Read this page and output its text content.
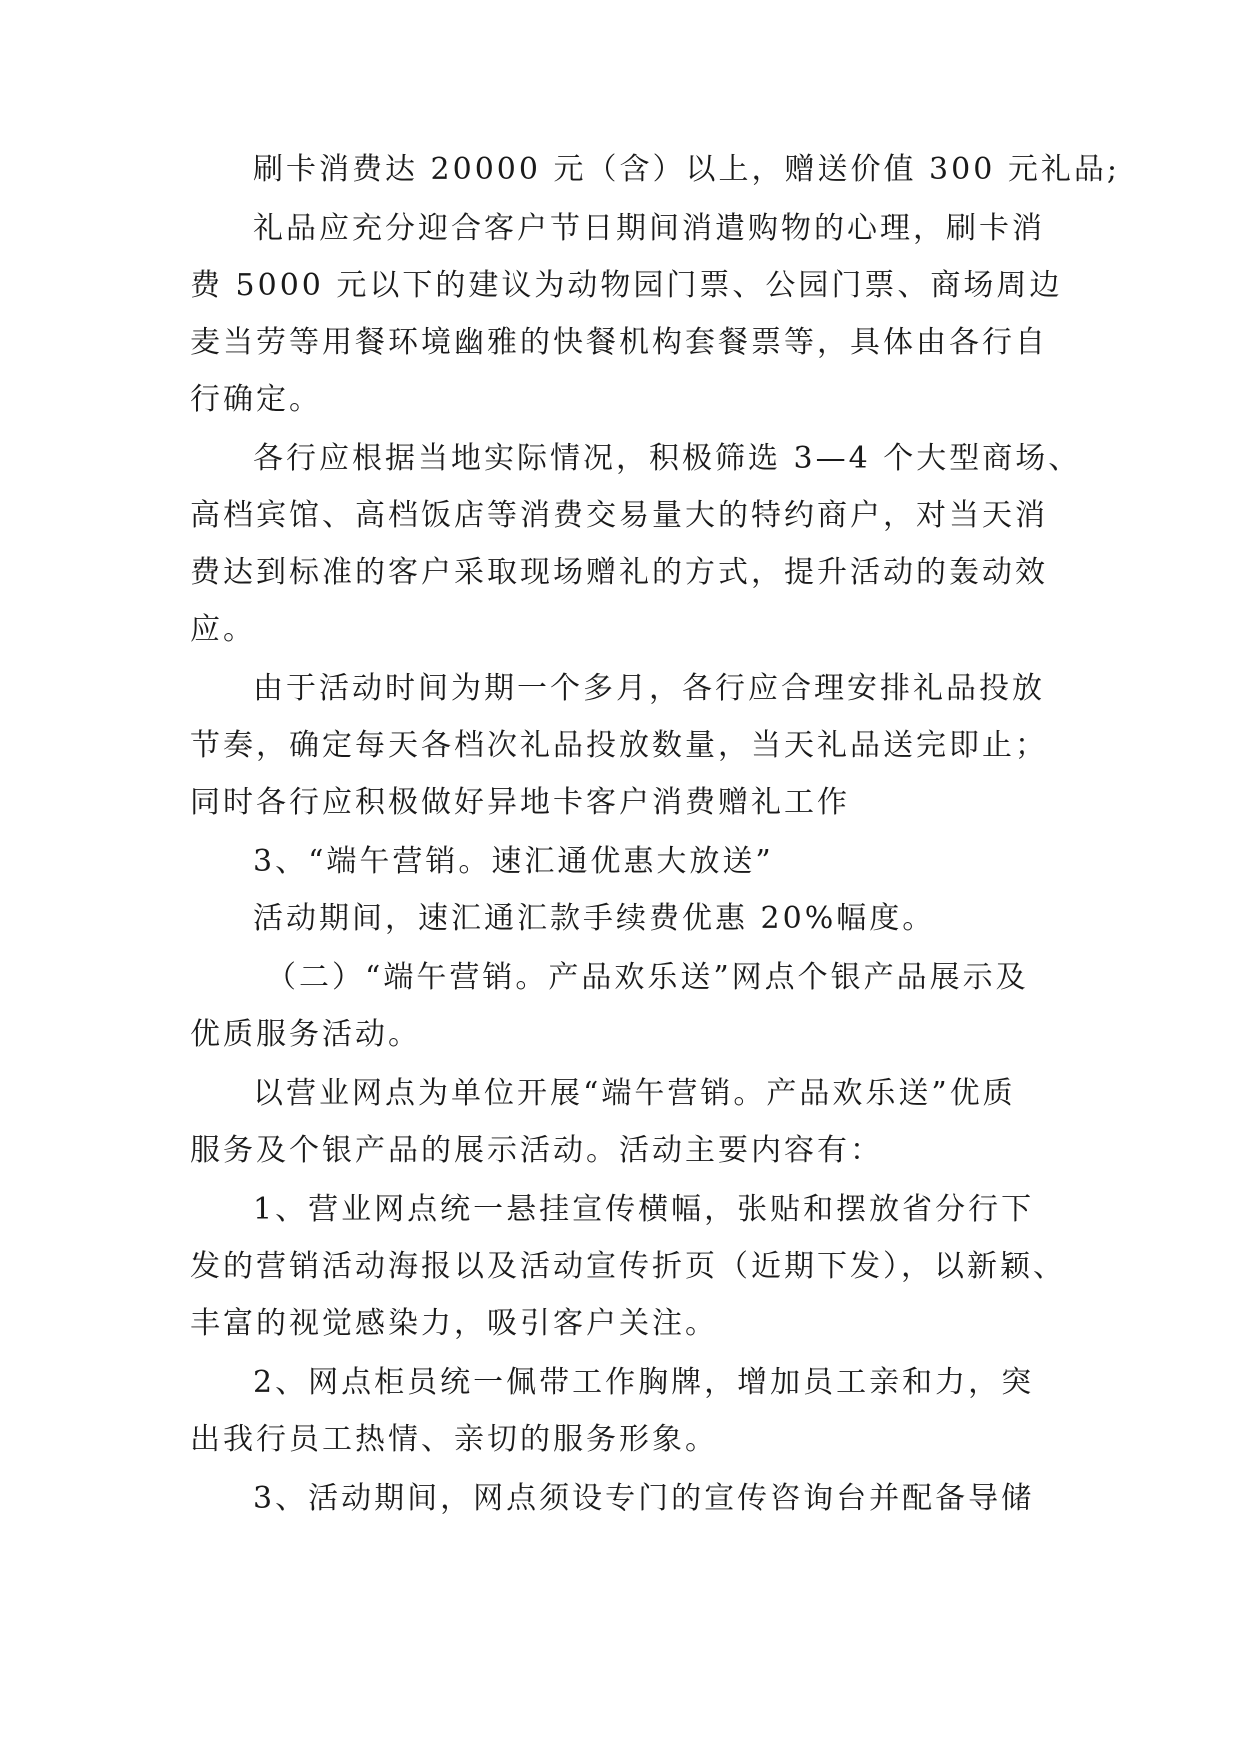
刷卡消费达 20000 元（含）以上，赠送价值 300 元礼品;
礼品应充分迎合客户节日期间消遣购物的心理，刷卡消
费 5000 元以下的建议为动物园门票、公园门票、商场周边
麦当劳等用餐环境幽雅的快餐机构套餐票等，具体由各行自
行确定。
各行应根据当地实际情况，积极筛选 3—4 个大型商场、
高档宾馆、高档饭店等消费交易量大的特约商户，对当天消
费达到标准的客户采取现场赠礼的方式，提升活动的轰动效
应。
由于活动时间为期一个多月，各行应合理安排礼品投放
节奏，确定每天各档次礼品投放数量，当天礼品送完即止；
同时各行应积极做好异地卡客户消费赠礼工作
3、“端午营销。速汇通优惠大放送”
活动期间，速汇通汇款手续费优惠 20%幅度。
（二）“端午营销。产品欢乐送”网点个银产品展示及
优质服务活动。
以营业网点为单位开展“端午营销。产品欢乐送”优质
服务及个银产品的展示活动。活动主要内容有：
1、营业网点统一悬挂宣传横幅，张贴和摆放省分行下
发的营销活动海报以及活动宣传折页（近期下发），以新颖、
丰富的视觉感染力，吸引客户关注。
2、网点柜员统一佩带工作胸牌，增加员工亲和力，突
出我行员工热情、亲切的服务形象。
3、活动期间，网点须设专门的宣传咨询台并配备导储
